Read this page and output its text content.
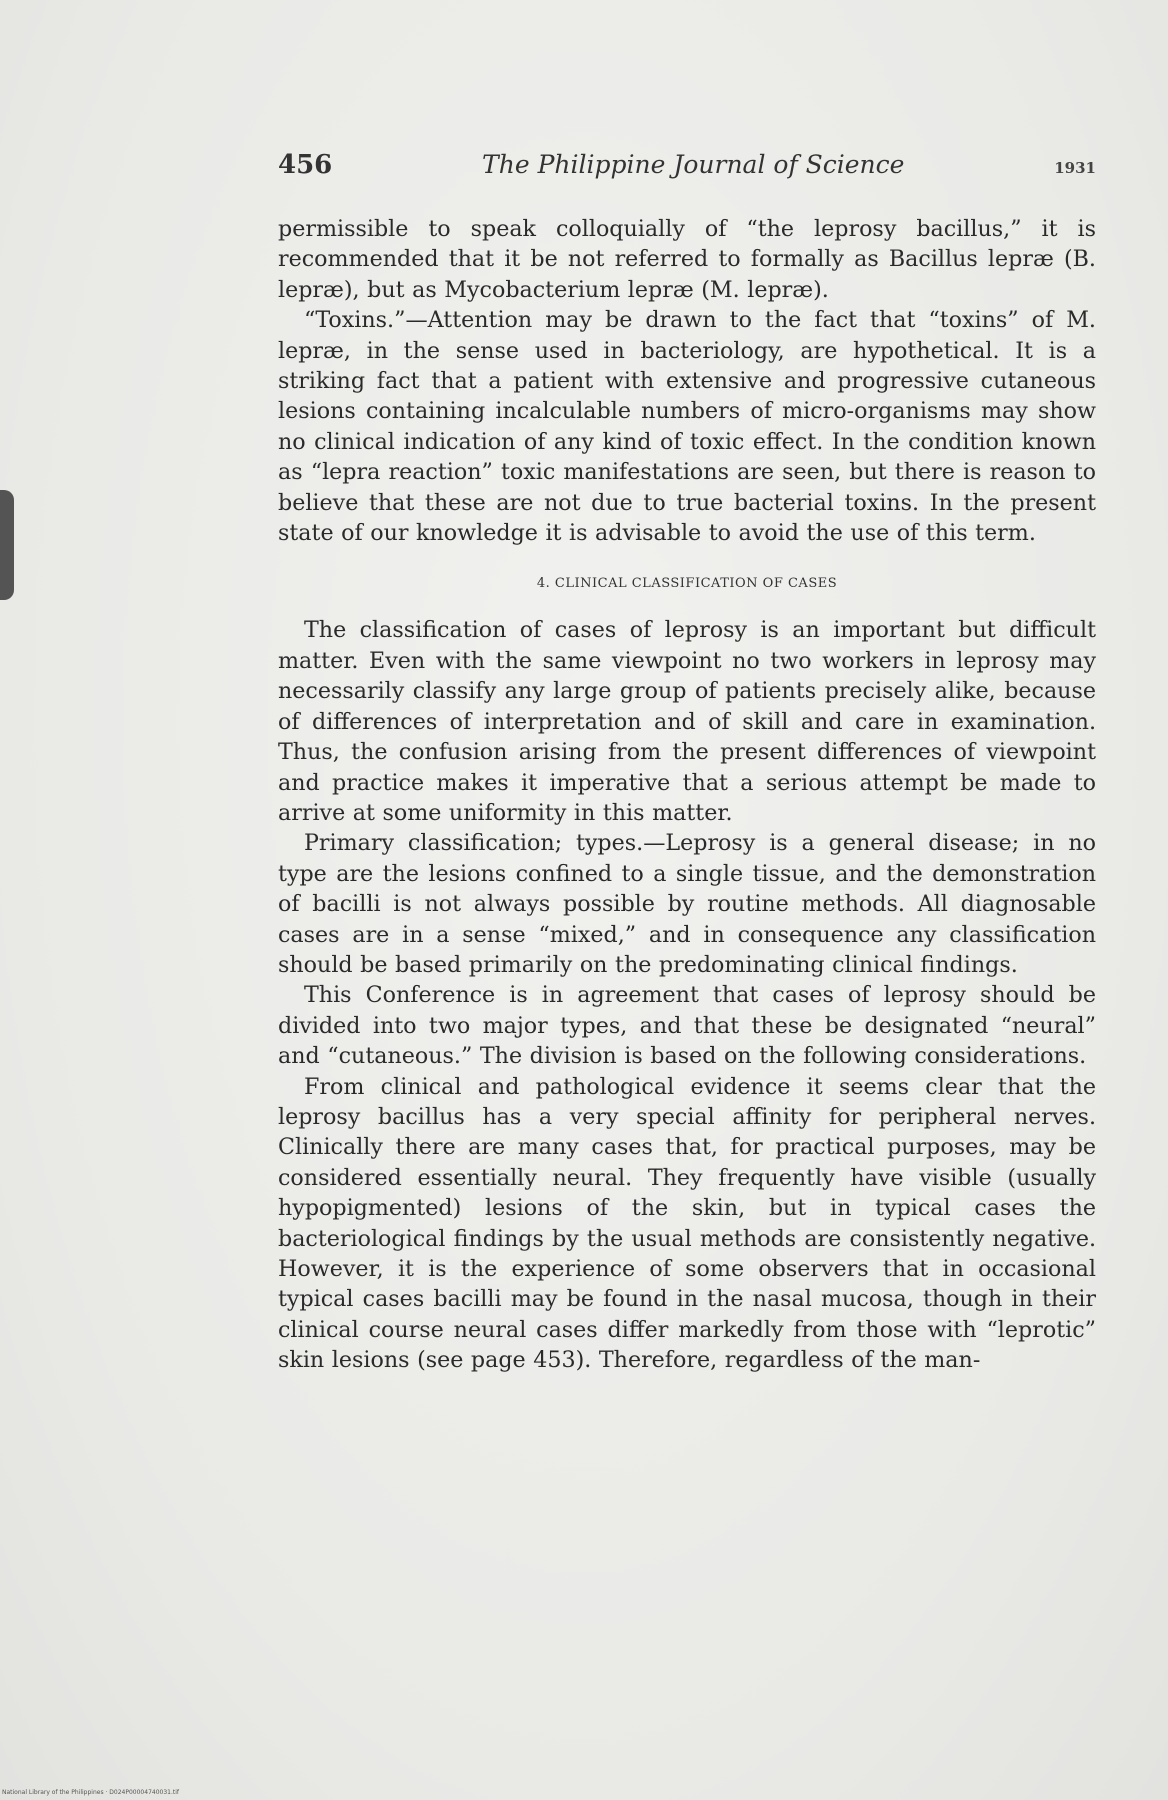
456	The Philippine Journal of Science	1931

permissible to speak colloquially of “the leprosy bacillus,” it is recommended that it be not referred to formally as Bacillus lepræ (B. lepræ), but as Mycobacterium lepræ (M. lepræ).

“Toxins.”—Attention may be drawn to the fact that “toxins” of M. lepræ, in the sense used in bacteriology, are hypothetical. It is a striking fact that a patient with extensive and progressive cutaneous lesions containing incalculable numbers of micro-organisms may show no clinical indication of any kind of toxic effect. In the condition known as “lepra reaction” toxic manifestations are seen, but there is reason to believe that these are not due to true bacterial toxins. In the present state of our knowledge it is advisable to avoid the use of this term.

4. CLINICAL CLASSIFICATION OF CASES

The classification of cases of leprosy is an important but difficult matter. Even with the same viewpoint no two workers in leprosy may necessarily classify any large group of patients precisely alike, because of differences of interpretation and of skill and care in examination. Thus, the confusion arising from the present differences of viewpoint and practice makes it imperative that a serious attempt be made to arrive at some uniformity in this matter.

Primary classification; types.—Leprosy is a general disease; in no type are the lesions confined to a single tissue, and the demonstration of bacilli is not always possible by routine methods. All diagnosable cases are in a sense “mixed,” and in consequence any classification should be based primarily on the predominating clinical findings.

This Conference is in agreement that cases of leprosy should be divided into two major types, and that these be designated “neural” and “cutaneous.” The division is based on the following considerations.

From clinical and pathological evidence it seems clear that the leprosy bacillus has a very special affinity for peripheral nerves. Clinically there are many cases that, for practical purposes, may be considered essentially neural. They frequently have visible (usually hypopigmented) lesions of the skin, but in typical cases the bacteriological findings by the usual methods are consistently negative. However, it is the experience of some observers that in occasional typical cases bacilli may be found in the nasal mucosa, though in their clinical course neural cases differ markedly from those with “leprotic” skin lesions (see page 453). Therefore, regardless of the man-

National Library of the Philippines · D024P00004740031.tif
